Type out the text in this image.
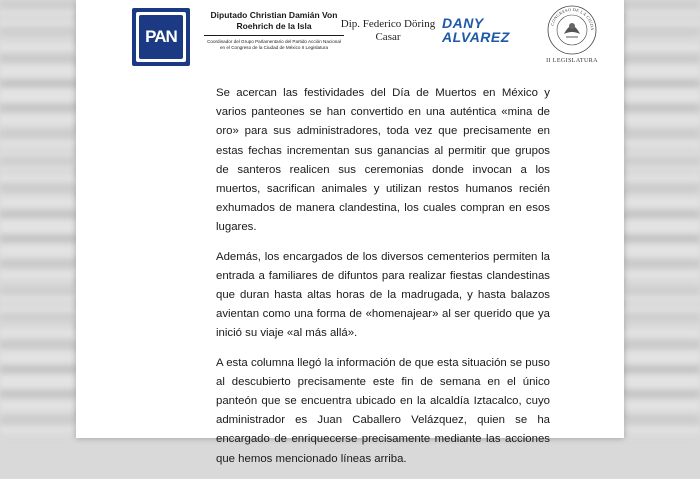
PAN
Diputado Christian Damián Von Roehrich de la Isla
Coordinador del Grupo Parlamentario del Partido Acción Nacional en el Congreso de la Ciudad de México II Legislatura
Dip. Federico Döring
Casar
DANY
ALVAREZ
CONGRESO DE LA CIUDA
II LEGISLATURA

Se acercan las festividades del Día de Muertos en México y varios panteones se han convertido en una auténtica «mina de oro» para sus administradores, toda vez que precisamente en estas fechas incrementan sus ganancias al permitir que grupos de santeros realicen sus ceremonias donde invocan a los muertos, sacrifican animales y utilizan restos humanos recién exhumados de manera clandestina, los cuales compran en esos lugares.

Además, los encargados de los diversos cementerios permiten la entrada a familiares de difuntos para realizar fiestas clandestinas que duran hasta altas horas de la madrugada, y hasta balazos avientan como una forma de «homenajear» al ser querido que ya inició su viaje «al más allá».

A esta columna llegó la información de que esta situación se puso al descubierto precisamente este fin de semana en el único panteón que se encuentra ubicado en la alcaldía Iztacalco, cuyo administrador es Juan Caballero Velázquez, quien se ha encargado de enriquecerse precisamente mediante las acciones que hemos mencionado líneas arriba.
